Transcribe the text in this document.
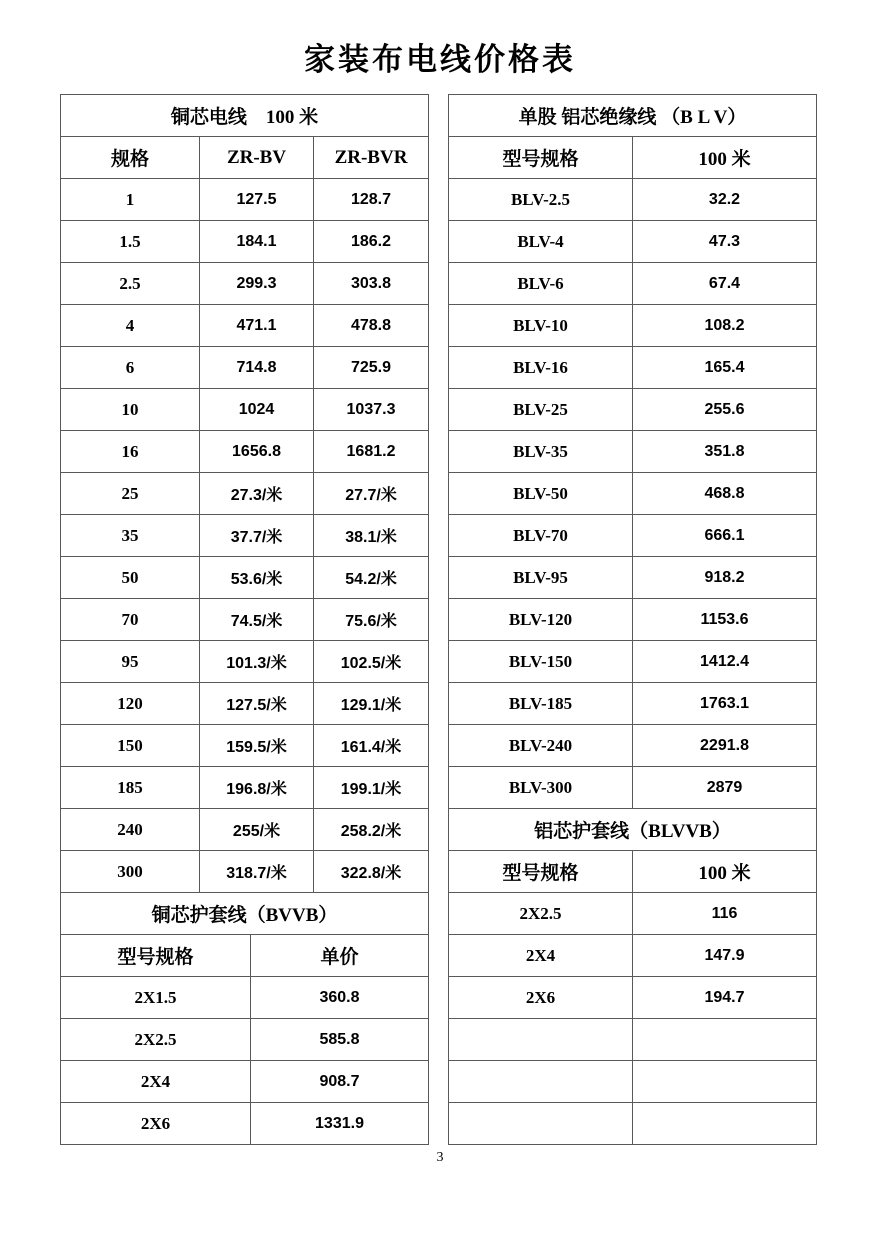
家装布电线价格表
铜芯电线　100 米		
规格	ZR-BV	ZR-BVR
1	127.5	128.7
1.5	184.1	186.2
2.5	299.3	303.8
4	471.1	478.8
6	714.8	725.9
10	1024	1037.3
16	1656.8	1681.2
25	27.3/米	27.7/米
35	37.7/米	38.1/米
50	53.6/米	54.2/米
70	74.5/米	75.6/米
95	101.3/米	102.5/米
120	127.5/米	129.1/米
150	159.5/米	161.4/米
185	196.8/米	199.1/米
240	255/米	258.2/米
300	318.7/米	322.8/米
铜芯护套线（BVVB）		
型号规格	单价
2X1.5	360.8
2X2.5	585.8
2X4	908.7
2X6	1331.9
单股 铝芯绝缘线 （B L V）	
型号规格	100 米
BLV-2.5	32.2
BLV-4	47.3
BLV-6	67.4
BLV-10	108.2
BLV-16	165.4
BLV-25	255.6
BLV-35	351.8
BLV-50	468.8
BLV-70	666.1
BLV-95	918.2
BLV-120	1153.6
BLV-150	1412.4
BLV-185	1763.1
BLV-240	2291.8
BLV-300	2879
铝芯护套线（BLVVB）	
型号规格	100 米
2X2.5	116
2X4	147.9
2X6	194.7

3
